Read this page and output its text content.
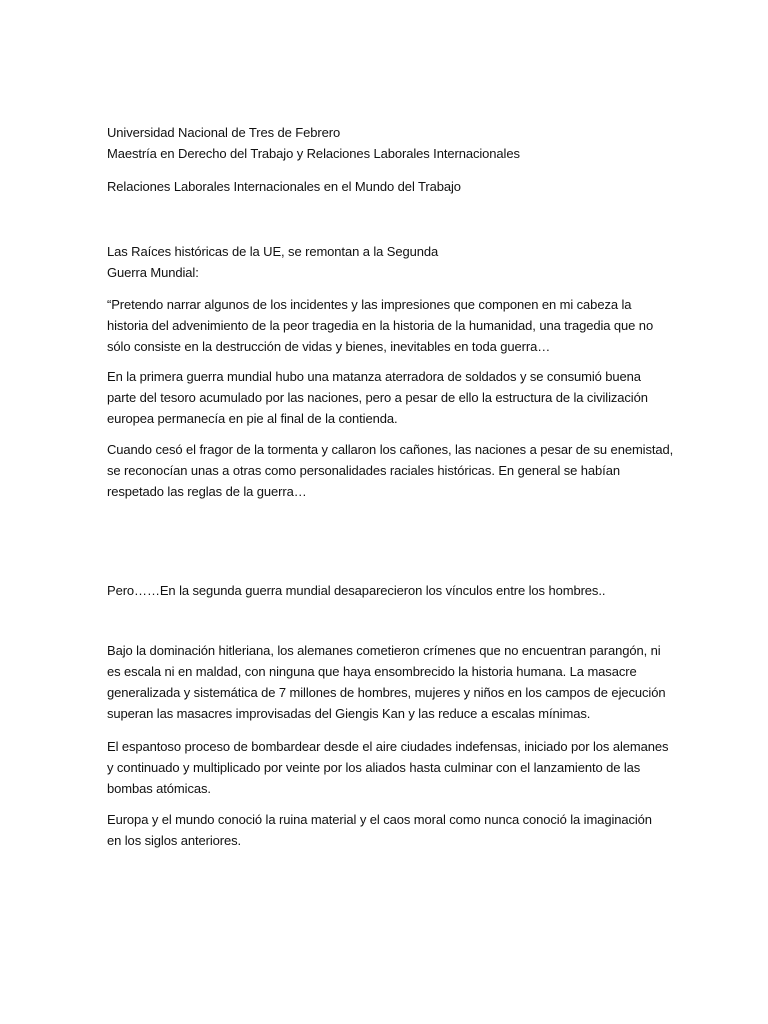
Universidad Nacional de Tres de Febrero

Maestría en Derecho del Trabajo y Relaciones Laborales Internacionales

Relaciones Laborales Internacionales en el Mundo del Trabajo

Las Raíces históricas de la UE, se remontan a la Segunda
Guerra Mundial:

“Pretendo narrar algunos de los incidentes y las impresiones que componen en mi cabeza la
historia del advenimiento de la peor tragedia en la historia de la humanidad, una tragedia que no
sólo consiste en la destrucción de vidas y bienes, inevitables en toda guerra…

En la primera guerra mundial hubo una matanza aterradora de soldados y se consumió buena
parte del tesoro acumulado por las naciones, pero a pesar de ello la estructura de la civilización
europea permanecía en pie al final de la contienda.

Cuando cesó el fragor de la tormenta y callaron los cañones, las naciones a pesar de su enemistad,
se reconocían unas a otras como personalidades raciales históricas. En general se habían
respetado las reglas de la guerra…

Pero……En la segunda guerra mundial desaparecieron los vínculos entre los hombres..

Bajo la dominación hitleriana, los alemanes cometieron crímenes que no encuentran parangón, ni
es escala ni en maldad, con ninguna que haya ensombrecido la historia humana. La masacre
generalizada y sistemática de 7 millones de hombres, mujeres y niños en los campos de ejecución
superan las masacres improvisadas del Giengis Kan y las reduce a escalas mínimas.

El espantoso proceso de bombardear desde el aire ciudades indefensas, iniciado por los alemanes
y continuado y multiplicado por veinte por los aliados hasta culminar con el lanzamiento de las
bombas atómicas.

Europa y el mundo conoció la ruina material y el caos moral como nunca conoció la imaginación
en los siglos anteriores.
